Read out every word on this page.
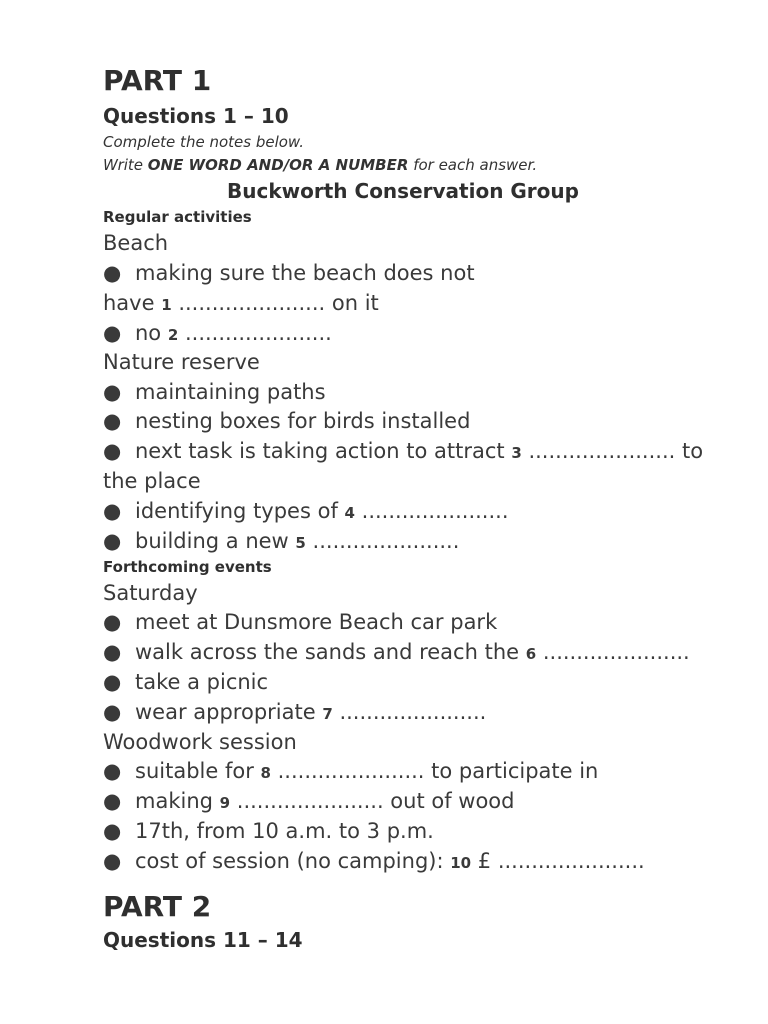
PART 1
Questions 1 – 10
Complete the notes below.
Write ONE WORD AND/OR A NUMBER for each answer.
Buckworth Conservation Group
Regular activities
Beach
● making sure the beach does not
have 1 ...................... on it
● no 2 ......................
Nature reserve
● maintaining paths
● nesting boxes for birds installed
● next task is taking action to attract 3 ...................... to
the place
● identifying types of 4 ......................
● building a new 5 ......................
Forthcoming events
Saturday
● meet at Dunsmore Beach car park
● walk across the sands and reach the 6 ......................
● take a picnic
● wear appropriate 7 ......................
Woodwork session
● suitable for 8 ...................... to participate in
● making 9 ...................... out of wood
● 17th, from 10 a.m. to 3 p.m.
● cost of session (no camping): 10 £ ......................
PART 2
Questions 11 – 14
